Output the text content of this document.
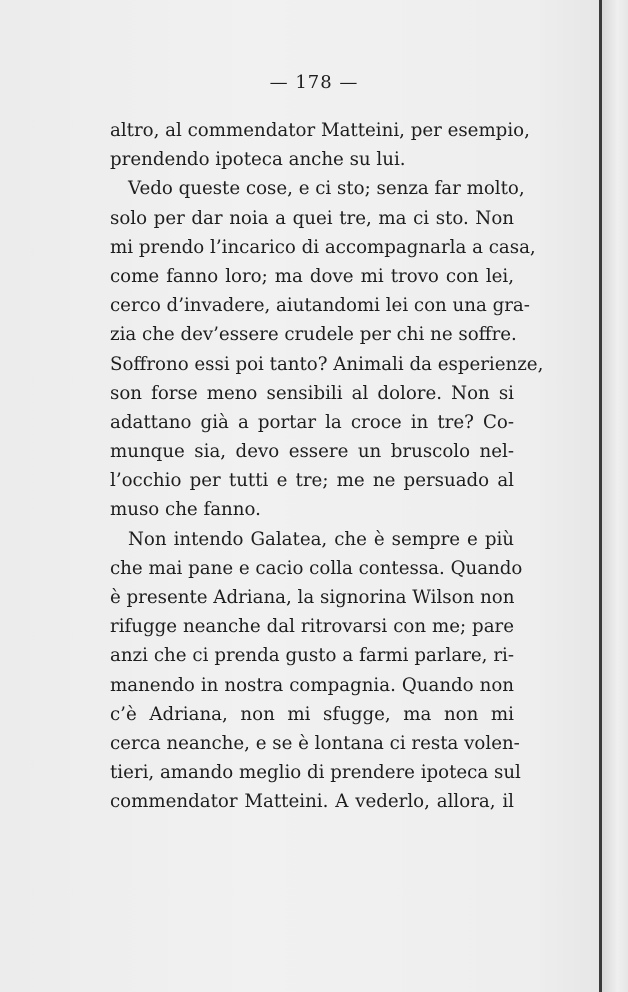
— 178 —
altro, al commendator Matteini, per esempio,
prendendo ipoteca anche su lui.
Vedo queste cose, e ci sto; senza far molto,
solo per dar noia a quei tre, ma ci sto. Non
mi prendo l’incarico di accompagnarla a casa,
come fanno loro; ma dove mi trovo con lei,
cerco d’invadere, aiutandomi lei con una gra-
zia che dev’essere crudele per chi ne soffre.
Soffrono essi poi tanto? Animali da esperienze,
son forse meno sensibili al dolore. Non si
adattano già a portar la croce in tre? Co-
munque sia, devo essere un bruscolo nel-
l’occhio per tutti e tre; me ne persuado al
muso che fanno.
Non intendo Galatea, che è sempre e più
che mai pane e cacio colla contessa. Quando
è presente Adriana, la signorina Wilson non
rifugge neanche dal ritrovarsi con me; pare
anzi che ci prenda gusto a farmi parlare, ri-
manendo in nostra compagnia. Quando non
c’è Adriana, non mi sfugge, ma non mi
cerca neanche, e se è lontana ci resta volen-
tieri, amando meglio di prendere ipoteca sul
commendator Matteini. A vederlo, allora, il
